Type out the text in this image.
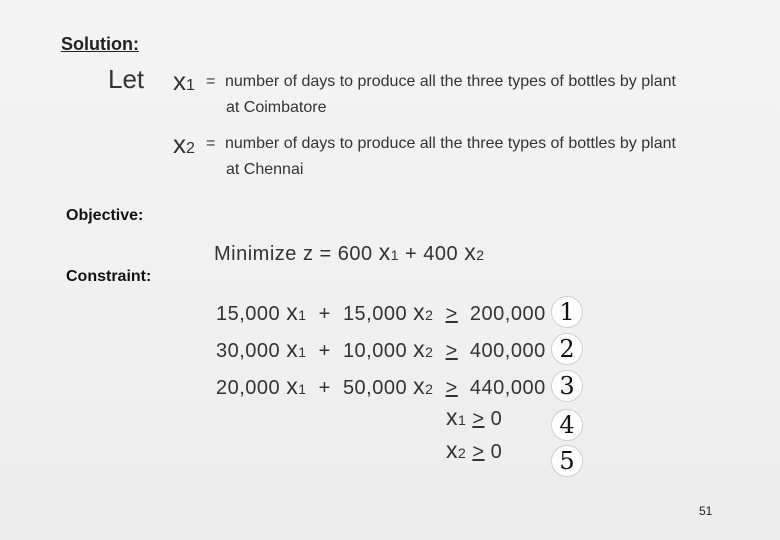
Solution:
Let x1 = number of days to produce all the three types of bottles by plant
at Coimbatore
x2 = number of days to produce all the three types of bottles by plant
at Chennai
Objective:
Minimize z = 600 x1 + 400 x2
Constraint:
15,000 x1  +  15,000 x2 > 200,000 1
30,000 x1  +  10,000 x2 > 400,000 2
20,000 x1  +  50,000 x2 > 440,000 3
x1 > 0	4
x2 > 0	5
51
